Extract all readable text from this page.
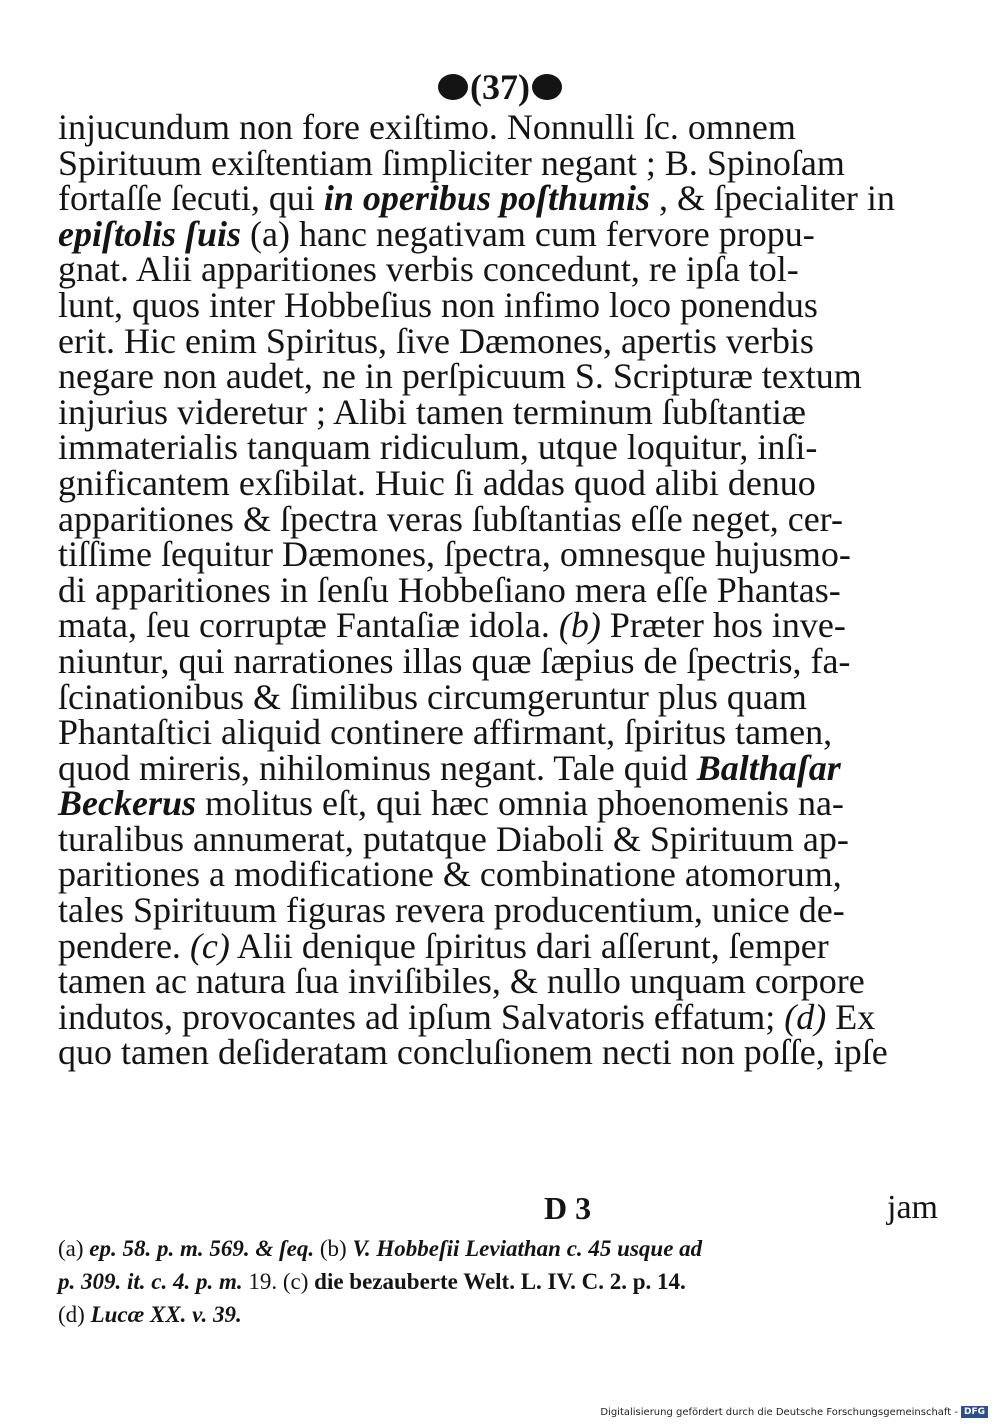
(37)
injucundum non fore exiſtimo. Nonnulli ſc. omnem
Spirituum exiſtentiam ſimpliciter negant ; B. Spinoſam
fortaſſe ſecuti, qui in operibus poſthumis , & ſpecialiter in
epiſtolis ſuis (a) hanc negativam cum fervore propu-
gnat. Alii apparitiones verbis concedunt, re ipſa tol-
lunt, quos inter Hobbeſius non infimo loco ponendus
erit. Hic enim Spiritus, ſive Dæmones, apertis verbis
negare non audet, ne in perſpicuum S. Scripturæ textum
injurius videretur ; Alibi tamen terminum ſubſtantiæ
immaterialis tanquam ridiculum, utque loquitur, inſi-
gnificantem exſibilat. Huic ſi addas quod alibi denuo
apparitiones & ſpectra veras ſubſtantias eſſe neget, cer-
tiſſime ſequitur Dæmones, ſpectra, omnesque hujusmo-
di apparitiones in ſenſu Hobbeſiano mera eſſe Phantas-
mata, ſeu corruptæ Fantaſiæ idola. (b) Præter hos inve-
niuntur, qui narrationes illas quæ ſæpius de ſpectris, fa-
ſcinationibus & ſimilibus circumgeruntur plus quam
Phantaſtici aliquid continere affirmant, ſpiritus tamen,
quod mireris, nihilominus negant. Tale quid Balthaſar
Beckerus molitus eſt, qui hæc omnia phoenomenis na-
turalibus annumerat, putatque Diaboli & Spirituum ap-
paritiones a modificatione & combinatione atomorum,
tales Spirituum figuras revera producentium, unice de-
pendere. (c) Alii denique ſpiritus dari aſſerunt, ſemper
tamen ac natura ſua inviſibiles, & nullo unquam corpore
indutos, provocantes ad ipſum Salvatoris effatum; (d) Ex
quo tamen deſideratam concluſionem necti non poſſe, ipſe
D 3	jam
(a) ep. 58. p. m. 569. & ſeq. (b) V. Hobbeſii Leviathan c. 45 usque ad
p. 309. it. c. 4. p. m. 19. (c) die bezauberte Welt. L. IV. C. 2. p. 14.
(d) Lucæ XX. v. 39.
Digitalisierung gefördert durch die Deutsche Forschungsgemeinschaft - DFG
